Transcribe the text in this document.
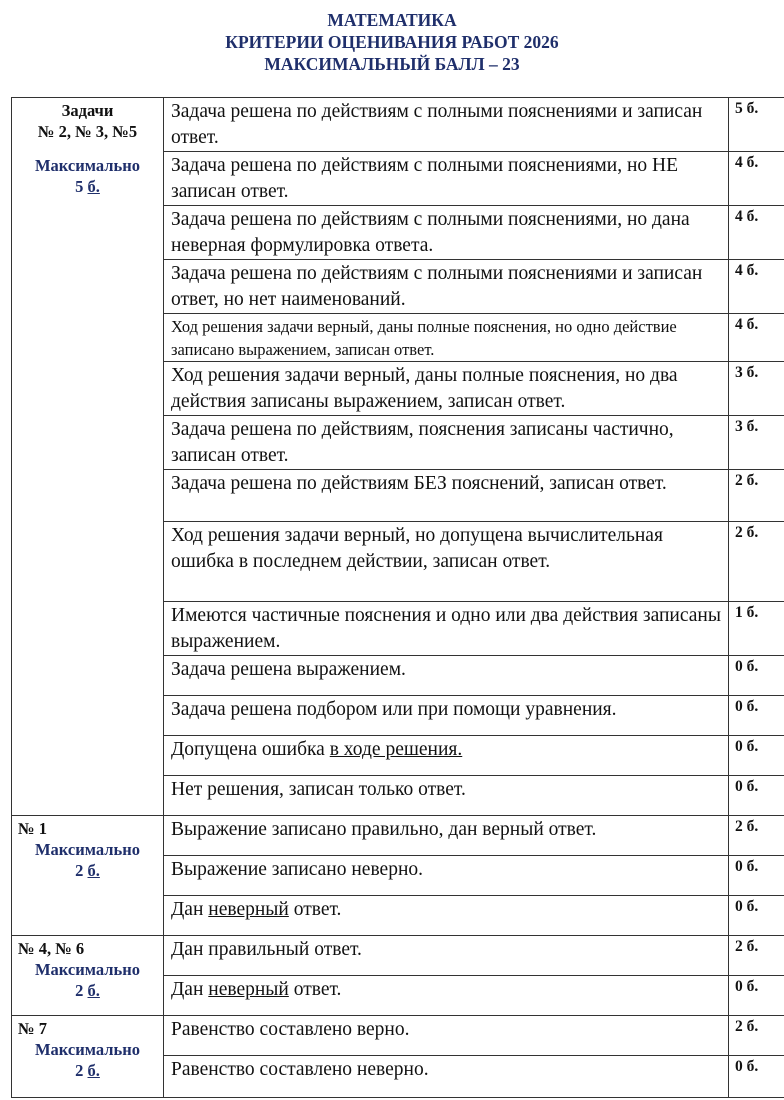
МАТЕМАТИКА
КРИТЕРИИ ОЦЕНИВАНИЯ РАБОТ 2026
МАКСИМАЛЬНЫЙ БАЛЛ – 23
Задачи
№ 2, № 3, №5
Максимально
5 б.	Задача решена по действиям с полными пояснениями и записан ответ.	5 б.
	Задача решена по действиям с полными пояснениями, но НЕ записан ответ.	4 б.
	Задача решена по действиям с полными пояснениями, но дана неверная формулировка ответа.	4 б.
	Задача решена по действиям с полными пояснениями и записан ответ, но нет наименований.	4 б.
	Ход решения задачи верный, даны полные пояснения, но одно действие записано выражением, записан ответ.	4 б.
	Ход решения задачи верный, даны полные пояснения, но два действия записаны выражением, записан ответ.	3 б.
	Задача решена по действиям, пояснения записаны частично, записан ответ.	3 б.
	Задача решена по действиям БЕЗ пояснений, записан ответ.	2 б.
	Ход решения задачи верный, но допущена вычислительная ошибка в последнем действии, записан ответ.	2 б.
	Имеются частичные пояснения и одно или два действия записаны выражением.	1 б.
	Задача решена выражением.	0 б.
	Задача решена подбором или при помощи уравнения.	0 б.
	Допущена ошибка в ходе решения.	0 б.
	Нет решения, записан только ответ.	0 б.

№ 1
Максимально
2 б.	Выражение записано правильно, дан верный ответ.	2 б.
	Выражение записано неверно.	0 б.
	Дан неверный ответ.	0 б.

№ 4, № 6
Максимально
2 б.	Дан правильный ответ.	2 б.
	Дан неверный ответ.	0 б.

№ 7
Максимально
2 б.	Равенство составлено верно.	2 б.
	Равенство составлено неверно.	0 б.
